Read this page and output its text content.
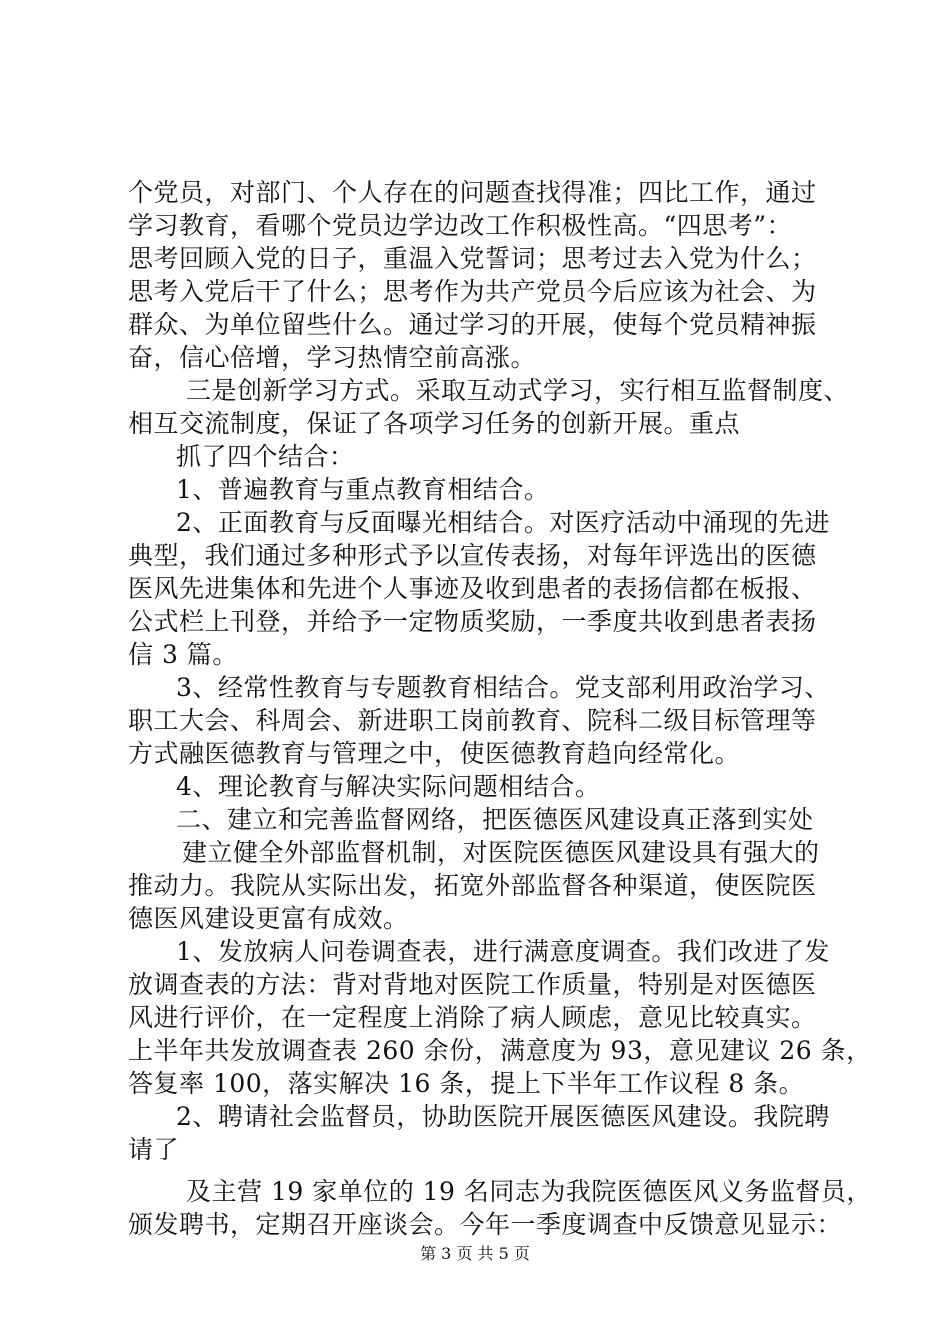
个党员，对部门、个人存在的问题查找得准；四比工作，通过
学习教育，看哪个党员边学边改工作积极性高。“四思考”：
思考回顾入党的日子，重温入党誓词；思考过去入党为什么；
思考入党后干了什么；思考作为共产党员今后应该为社会、为
群众、为单位留些什么。通过学习的开展，使每个党员精神振
奋，信心倍增，学习热情空前高涨。
三是创新学习方式。采取互动式学习，实行相互监督制度、
相互交流制度，保证了各项学习任务的创新开展。重点
抓了四个结合：
1、普遍教育与重点教育相结合。
2、正面教育与反面曝光相结合。对医疗活动中涌现的先进
典型，我们通过多种形式予以宣传表扬，对每年评选出的医德
医风先进集体和先进个人事迹及收到患者的表扬信都在板报、
公式栏上刊登，并给予一定物质奖励，一季度共收到患者表扬
信 3 篇。
3、经常性教育与专题教育相结合。党支部利用政治学习、
职工大会、科周会、新进职工岗前教育、院科二级目标管理等
方式融医德教育与管理之中，使医德教育趋向经常化。
4、理论教育与解决实际问题相结合。
二、建立和完善监督网络，把医德医风建设真正落到实处
建立健全外部监督机制，对医院医德医风建设具有强大的
推动力。我院从实际出发，拓宽外部监督各种渠道，使医院医
德医风建设更富有成效。
1、发放病人问卷调查表，进行满意度调查。我们改进了发
放调查表的方法：背对背地对医院工作质量，特别是对医德医
风进行评价，在一定程度上消除了病人顾虑，意见比较真实。
上半年共发放调查表 260 余份，满意度为 93，意见建议 26 条，
答复率 100，落实解决 16 条，提上下半年工作议程 8 条。
2、聘请社会监督员，协助医院开展医德医风建设。我院聘
请了
及主营 19 家单位的 19 名同志为我院医德医风义务监督员，
颁发聘书，定期召开座谈会。今年一季度调查中反馈意见显示：
第 3 页 共 5 页
